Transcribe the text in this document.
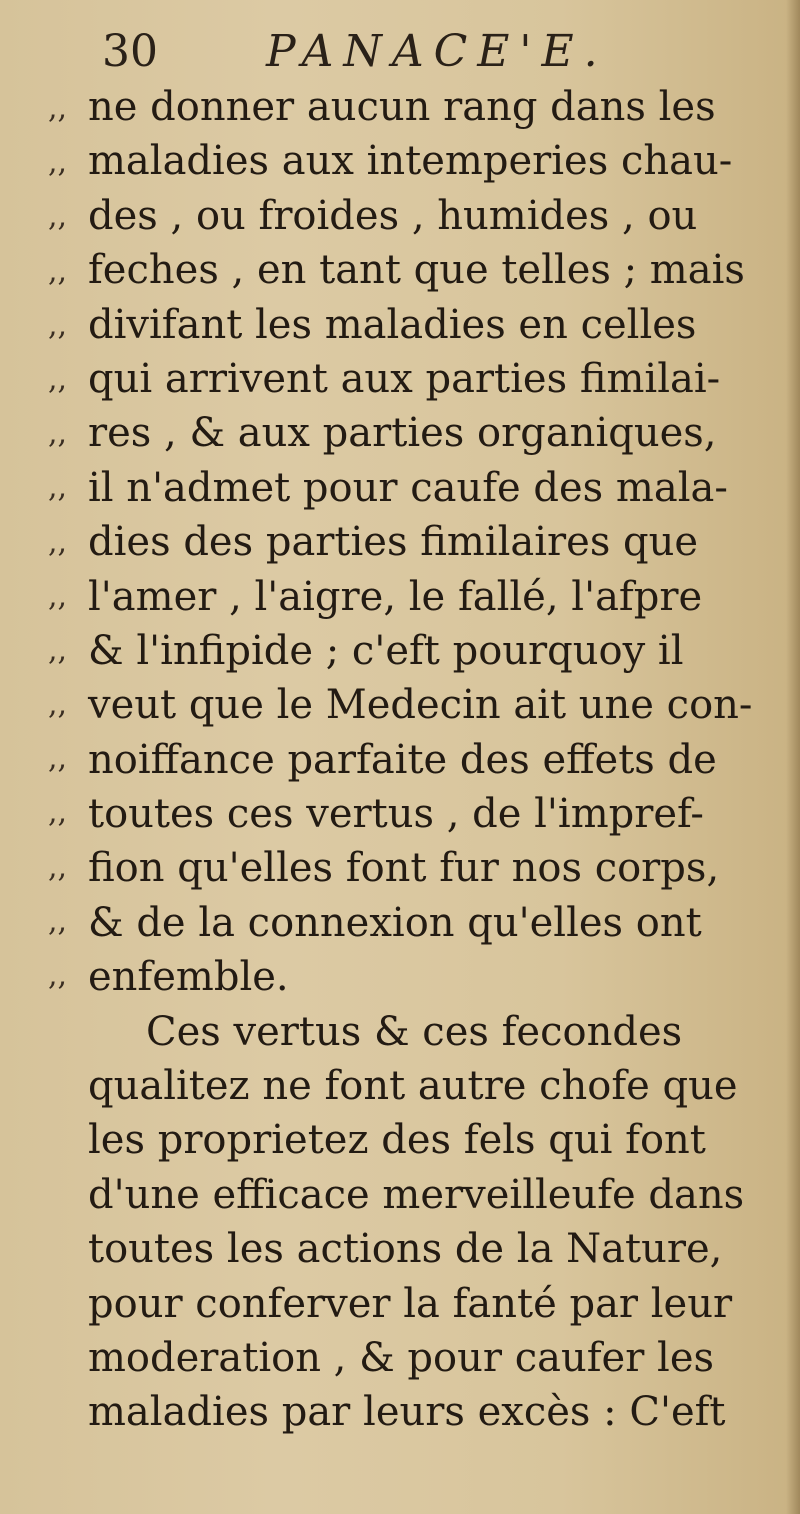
30 PANACE'E.
,,
,,
,,
,,
,,
,,
,,
,,
,,
,,
,,
,,
,,
,,
,,
,,
,,
ne donner aucun rang dans les
maladies aux intemperies chau-
des , ou froides , humides , ou
feches , en tant que telles ; mais
divifant les maladies en celles
qui arrivent aux parties fimilai-
res , & aux parties organiques,
il n'admet pour caufe des mala-
dies des parties fimilaires que
l'amer , l'aigre, le fallé, l'afpre
& l'infipide ; c'eft pourquoy il
veut que le Medecin ait une con-
noiffance parfaite des effets de
toutes ces vertus , de l'impref-
fion qu'elles font fur nos corps,
& de la connexion qu'elles ont
enfemble.
Ces vertus & ces fecondes
qualitez ne font autre chofe que
les proprietez des fels qui font
d'une efficace merveilleufe dans
toutes les actions de la Nature,
pour conferver la fanté par leur
moderation , & pour caufer les
maladies par leurs excès : C'eft
